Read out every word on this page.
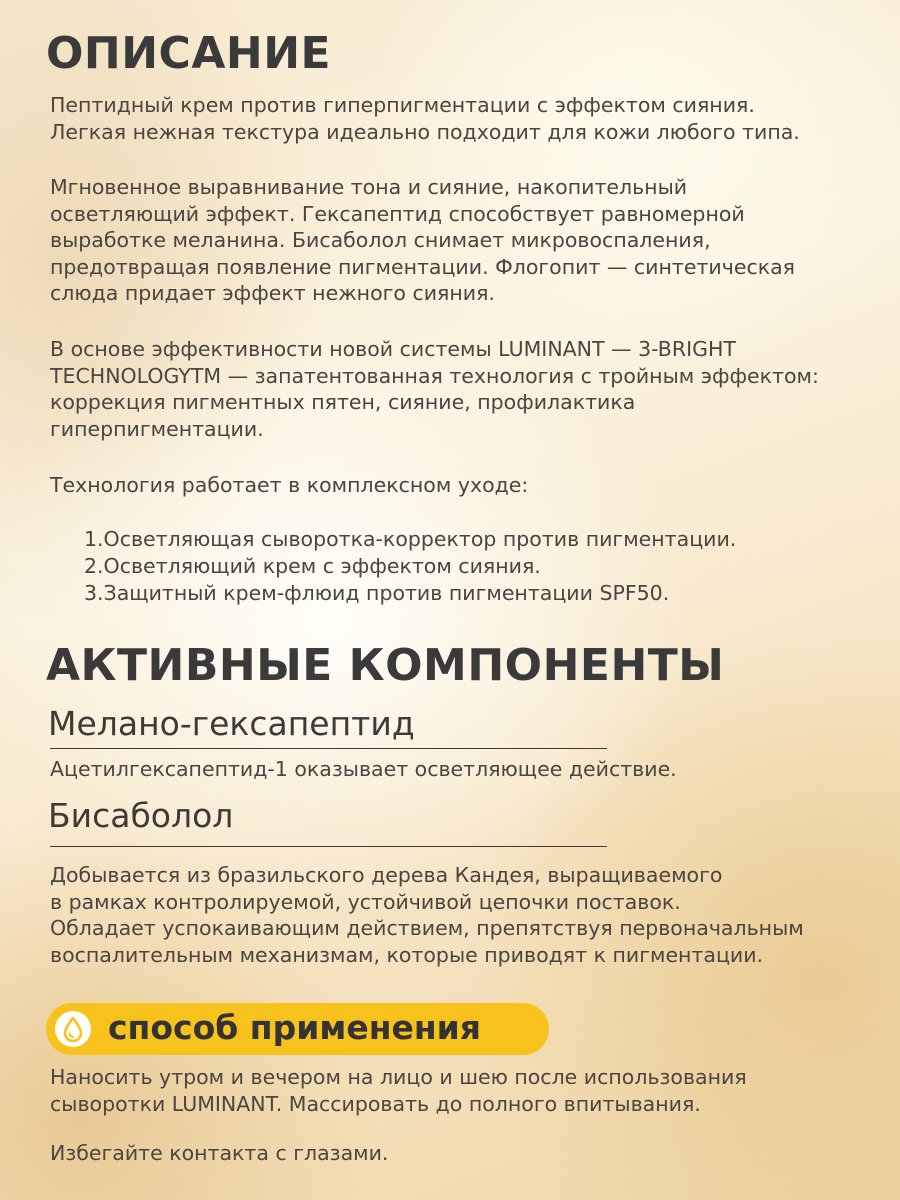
ОПИСАНИЕ

Пептидный крем против гиперпигментации с эффектом сияния.
Легкая нежная текстура идеально подходит для кожи любого типа.

Мгновенное выравнивание тона и сияние, накопительный
осветляющий эффект. Гексапептид способствует равномерной
выработке меланина. Бисаболол снимает микровоспаления,
предотвращая появление пигментации. Флогопит — синтетическая
слюда придает эффект нежного сияния.

В основе эффективности новой системы LUMINANT — 3-BRIGHT
TECHNOLOGYTM — запатентованная технология с тройным эффектом:
коррекция пигментных пятен, сияние, профилактика
гиперпигментации.

Технология работает в комплексном уходе:

1.Осветляющая сыворотка-корректор против пигментации.
2.Осветляющий крем с эффектом сияния.
3.Защитный крем-флюид против пигментации SPF50.
АКТИВНЫЕ КОМПОНЕНТЫ
Мелано-гексапептид

Ацетилгексапептид-1 оказывает осветляющее действие.

Бисаболол

Добывается из бразильского дерева Кандея, выращиваемого
в рамках контролируемой, устойчивой цепочки поставок.
Обладает успокаивающим действием, препятствуя первоначальным
воспалительным механизмам, которые приводят к пигментации.

способ применения

Наносить утром и вечером на лицо и шею после использования
сыворотки LUMINANT. Массировать до полного впитывания.

Избегайте контакта с глазами.
